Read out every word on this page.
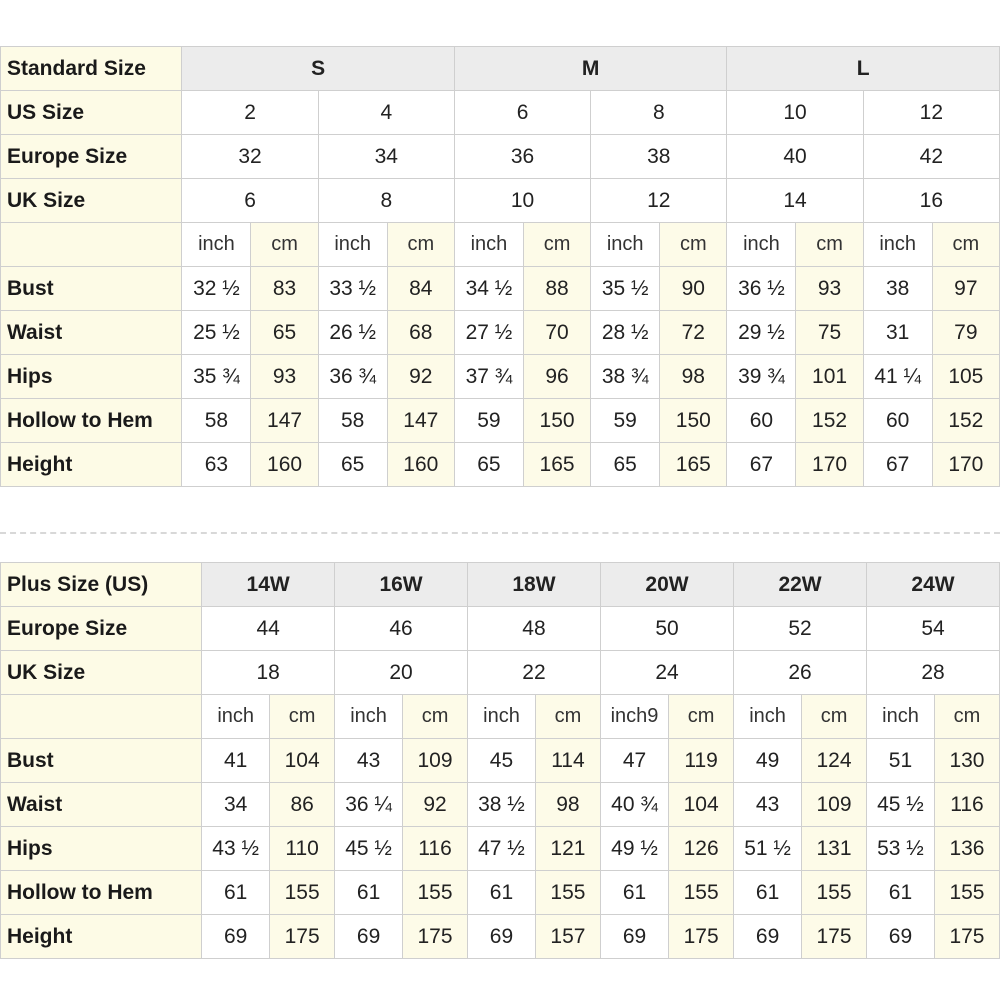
Standard Size	S				M				L			
US Size	2		4		6		8		10		12	
Europe Size	32		34		36		38		40		42	
UK Size	6		8		10		12		14		16	
	inch	cm	inch	cm	inch	cm	inch	cm	inch	cm	inch	cm
Bust	32 ½	83	33 ½	84	34 ½	88	35 ½	90	36 ½	93	38	97
Waist	25 ½	65	26 ½	68	27 ½	70	28 ½	72	29 ½	75	31	79
Hips	35 ¾	93	36 ¾	92	37 ¾	96	38 ¾	98	39 ¾	101	41 ¼	105
Hollow to Hem	58	147	58	147	59	150	59	150	60	152	60	152
Height	63	160	65	160	65	165	65	165	67	170	67	170
Plus Size (US)	14W		16W		18W		20W		22W		24W	
Europe Size	44		46		48		50		52		54	
UK Size	18		20		22		24		26		28	
	inch	cm	inch	cm	inch	cm	inch9	cm	inch	cm	inch	cm
Bust	41	104	43	109	45	114	47	119	49	124	51	130
Waist	34	86	36 ¼	92	38 ½	98	40 ¾	104	43	109	45 ½	116
Hips	43 ½	110	45 ½	116	47 ½	121	49 ½	126	51 ½	131	53 ½	136
Hollow to Hem	61	155	61	155	61	155	61	155	61	155	61	155
Height	69	175	69	175	69	157	69	175	69	175	69	175
